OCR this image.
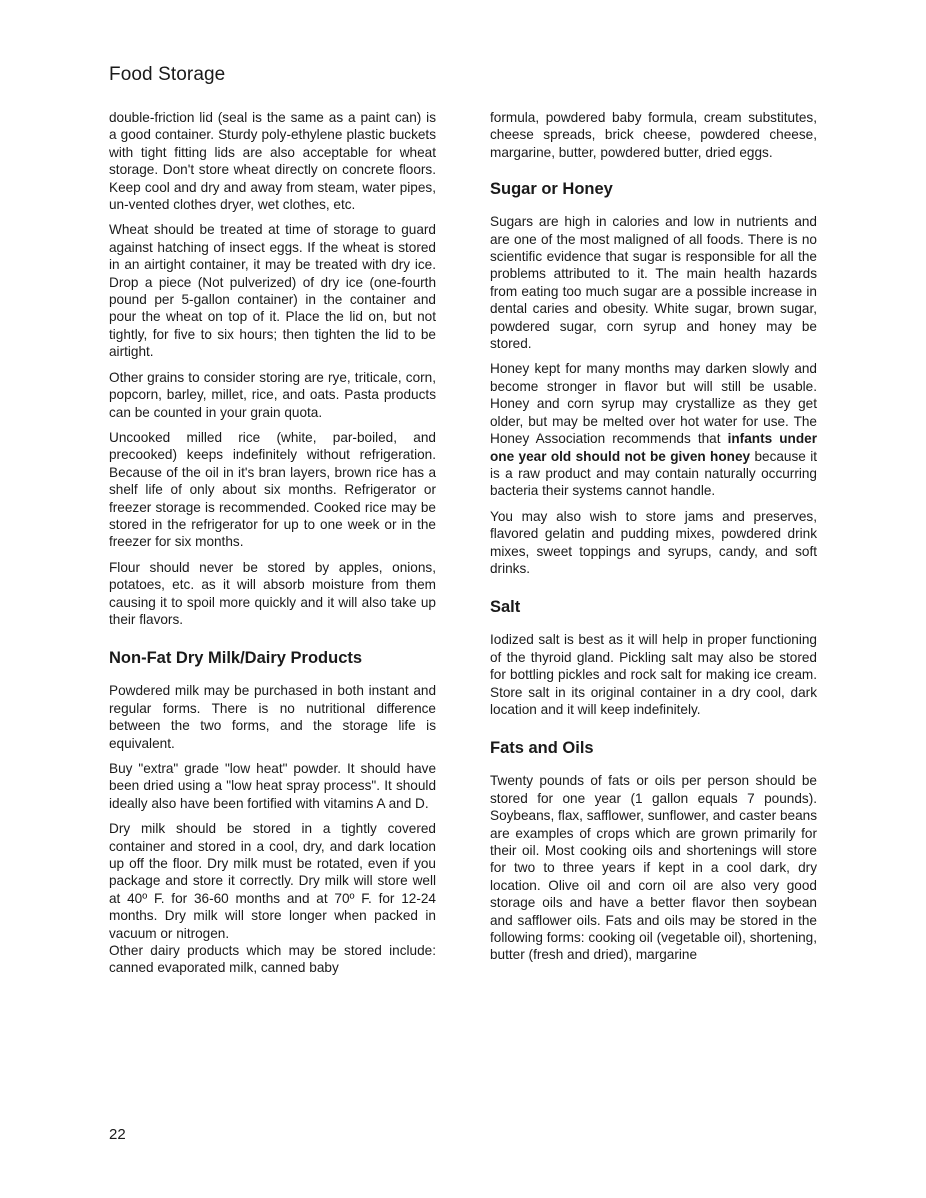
Food Storage

double-friction lid (seal is the same as a paint can) is a good container. Sturdy poly-ethylene plastic buckets with tight fitting lids are also acceptable for wheat storage. Don't store wheat directly on concrete floors. Keep cool and dry and away from steam, water pipes, un-vented clothes dryer, wet clothes, etc.

Wheat should be treated at time of storage to guard against hatching of insect eggs. If the wheat is stored in an airtight container, it may be treated with dry ice. Drop a piece (Not pulverized) of dry ice (one-fourth pound per 5-gallon container) in the container and pour the wheat on top of it. Place the lid on, but not tightly, for five to six hours; then tighten the lid to be airtight.

Other grains to consider storing are rye, triticale, corn, popcorn, barley, millet, rice, and oats. Pasta products can be counted in your grain quota.

Uncooked milled rice (white, par-boiled, and precooked) keeps indefinitely without refrigeration. Because of the oil in it's bran layers, brown rice has a shelf life of only about six months. Refrigerator or freezer storage is recommended. Cooked rice may be stored in the refrigerator for up to one week or in the freezer for six months.

Flour should never be stored by apples, onions, potatoes, etc. as it will absorb moisture from them causing it to spoil more quickly and it will also take up their flavors.

Non-Fat Dry Milk/Dairy Products

Powdered milk may be purchased in both instant and regular forms. There is no nutritional difference between the two forms, and the storage life is equivalent.

Buy "extra" grade "low heat" powder. It should have been dried using a "low heat spray process". It should ideally also have been fortified with vitamins A and D.

Dry milk should be stored in a tightly covered container and stored in a cool, dry, and dark location up off the floor. Dry milk must be rotated, even if you package and store it correctly. Dry milk will store well at 40º F. for 36-60 months and at 70º F. for 12-24 months. Dry milk will store longer when packed in vacuum or nitrogen.

Other dairy products which may be stored include: canned evaporated milk, canned baby

formula, powdered baby formula, cream substitutes, cheese spreads, brick cheese, powdered cheese, margarine, butter, powdered butter, dried eggs.

Sugar or Honey

Sugars are high in calories and low in nutrients and are one of the most maligned of all foods. There is no scientific evidence that sugar is responsible for all the problems attributed to it. The main health hazards from eating too much sugar are a possible increase in dental caries and obesity. White sugar, brown sugar, powdered sugar, corn syrup and honey may be stored.

Honey kept for many months may darken slowly and become stronger in flavor but will still be usable. Honey and corn syrup may crystallize as they get older, but may be melted over hot water for use. The Honey Association recommends that infants under one year old should not be given honey because it is a raw product and may contain naturally occurring bacteria their systems cannot handle.

You may also wish to store jams and preserves, flavored gelatin and pudding mixes, powdered drink mixes, sweet toppings and syrups, candy, and soft drinks.

Salt

Iodized salt is best as it will help in proper functioning of the thyroid gland. Pickling salt may also be stored for bottling pickles and rock salt for making ice cream. Store salt in its original container in a dry cool, dark location and it will keep indefinitely.

Fats and Oils

Twenty pounds of fats or oils per person should be stored for one year (1 gallon equals 7 pounds). Soybeans, flax, safflower, sunflower, and caster beans are examples of crops which are grown primarily for their oil. Most cooking oils and shortenings will store for two to three years if kept in a cool dark, dry location. Olive oil and corn oil are also very good storage oils and have a better flavor then soybean and safflower oils. Fats and oils may be stored in the following forms: cooking oil (vegetable oil), shortening, butter (fresh and dried), margarine

22
